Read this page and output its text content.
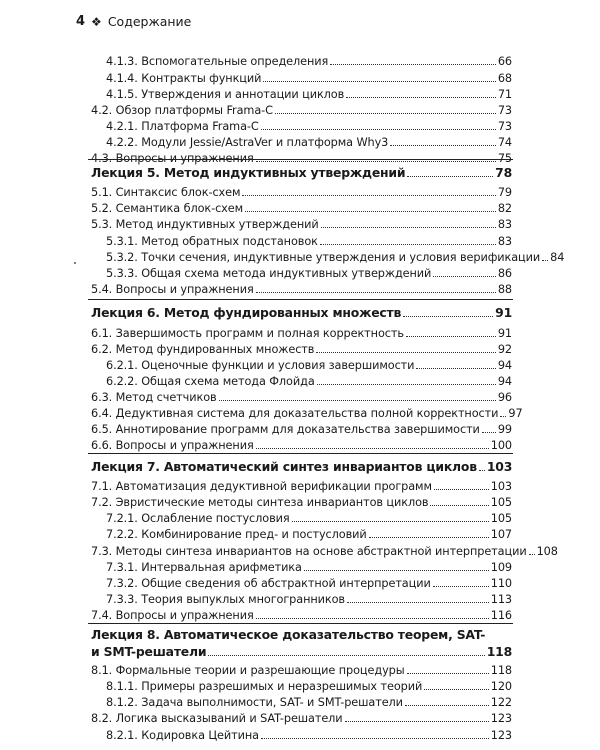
4 ❖ Содержание
4.1.3. Вспомогательные определения	66
4.1.4. Контракты функций	68
4.1.5. Утверждения и аннотации циклов	71
4.2. Обзор платформы Frama-C	73
4.2.1. Платформа Frama-C	73
4.2.2. Модули Jessie/AstraVer и платформа Why3	74
4.3. Вопросы и упражнения	75
Лекция 5. Метод индуктивных утверждений	78
5.1. Синтаксис блок-схем	79
5.2. Семантика блок-схем	82
5.3. Метод индуктивных утверждений	83
5.3.1. Метод обратных подстановок	83
5.3.2. Точки сечения, индуктивные утверждения и условия верификации 84
5.3.3. Общая схема метода индуктивных утверждений	86
5.4. Вопросы и упражнения	88
Лекция 6. Метод фундированных множеств	91
6.1. Завершимость программ и полная корректность	91
6.2. Метод фундированных множеств	92
6.2.1. Оценочные функции и условия завершимости	94
6.2.2. Общая схема метода Флойда	94
6.3. Метод счетчиков	96
6.4. Дедуктивная система для доказательства полной корректности 97
6.5. Аннотирование программ для доказательства завершимости 99
6.6. Вопросы и упражнения	100
Лекция 7. Автоматический синтез инвариантов циклов 103
7.1. Автоматизация дедуктивной верификации программ	103
7.2. Эвристические методы синтеза инвариантов циклов	105
7.2.1. Ослабление постусловия	105
7.2.2. Комбинирование пред- и постусловий	107
7.3. Методы синтеза инвариантов на основе абстрактной интерпретации 108
7.3.1. Интервальная арифметика	109
7.3.2. Общие сведения об абстрактной интерпретации	110
7.3.3. Теория выпуклых многогранников	113
7.4. Вопросы и упражнения	116
Лекция 8. Автоматическое доказательство теорем, SAT-
и SMT-решатели	118
8.1. Формальные теории и разрешающие процедуры	118
8.1.1. Примеры разрешимых и неразрешимых теорий	120
8.1.2. Задача выполнимости, SAT- и SMT-решатели	122
8.2. Логика высказываний и SAT-решатели	123
8.2.1. Кодировка Цейтина	123
